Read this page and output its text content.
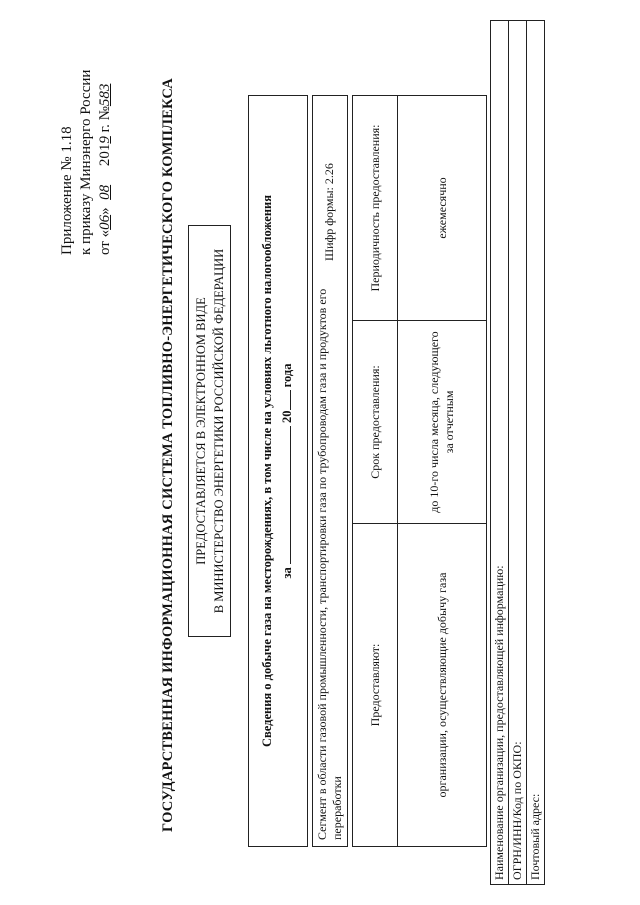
Приложение № 1.18 к приказу Минэнерго России от «06»  08     2019 г. №583	ГОСУДАРСТВЕННАЯ ИНФОРМАЦИОННАЯ СИСТЕМА ТОПЛИВНО-ЭНЕРГЕТИЧЕСКОГО КОМПЛЕКСА ПРЕДОСТАВЛЯЕТСЯ В ЭЛЕКТРОННОМ ВИДЕ В МИНИСТЕРСТВО ЭНЕРГЕТИКИ РОССИЙСКОЙ ФЕДЕРАЦИИ	Сведения о добыче газа на месторождениях, в том числе на условиях льготного налогообложения за  20 года Сегмент в области газовой промышленности, транспортировки газа по трубопроводам газа и продуктов его переработки
Шифр формы: 2.26
Предоставляют:	Срок предоставления:	Периодичность предоставления:
организации, осуществляющие добычу газа	до 10-го числа месяца, следующего за отчетным	ежемесячно
Наименование организации, предоставляющей информацию:	
ОГРН/ИНН/Код по ОКПО:	
Почтовый адрес:	
